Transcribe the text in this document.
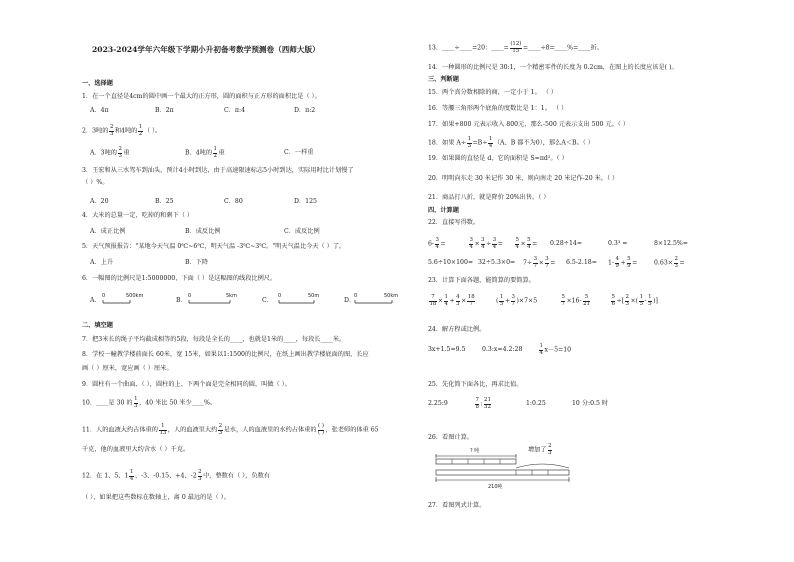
2023-2024学年六年级下学期小升初备考数学预测卷（西师大版）
一、选择题
1．在一个直径是4cm的圆中画一个最大的正方形，圆的面积与正方形的面积比是（ ）。
A．4π	B．2π	C．π:4	D．π:2
2．3吨的 $\frac{2}{3}$ 和4吨的 $\frac{1}{2}$ （ ）。
A．3吨的 $\frac{2}{3}$ 重	B．4吨的 $\frac{1}{2}$ 重	C．一样重
3．王宏和从三水驾车到汕头，预计4小时到达，由于高速限速标志5小时到达，实际用时比计划慢了
（ ）%。
A．20	B．25	C．80	D．125
4．大米的总量一定，吃掉的和剩下（ ）
A．成正比例	B．成反比例	C．成反比例
5．天气预报报告："某地今天气温 0℃~6℃，明天气温 -3℃~3℃。"明天气温比今天（ ）了。
A．上升	B．下降
6．一幅图的比例尺是1:5000000，下面（ ）是这幅图的线段比例尺。
A．	B．	C．	D．
0	500km	0	5km	0	50m	0	50km
二、填空题
7．把3米长的绳子平均截成相等的5段，每段是全长的____，也就是1米的____，每段长____米。
8．学校一幢教学楼前面长 60米，宽 15米，如果以1:1500的比例尺，在纸上画出教学楼底面的图，长应
画（ ）厘米，宽应画（ ）厘米。
9．圆柱有一个曲面、（ ），圆柱的上、下两个面是完全相同的圆，叫做（ ）。
10．____是 30 的 $\frac{1}{3}$ ，40 米比 50 米少____%。
11．人的血液大约占体重的 $\frac{1}{13}$ ，人的血液里大约 $\frac{2}{3}$ 是水，人的血液里的水约占体重的 $\frac{( )}{( )}$ ，张老师的体重 65
千克，他的血液里大约含水（ ）千克。
12．在 1、5、$1 \frac{1}{4}$ 、-3、-0.15、+4、$-2 \frac{2}{3}$ 中，整数有（ ），负数有
（ ），如果把这些数标在数轴上，离 0 最远的是（ ）。
13．____÷____=20：____= $\frac{(12)}{15}$ =____÷8=____%=____折。
14．一种圆形的比例尺是 30:1，一个精密零件的长度为 0.2cm，在图上的长度应该是( )。
三、判断题
15．两个真分数相除的商，一定小于 1。 （ ）
16．等腰三角形两个底角的度数比是 1：1。 （ ）
17．如果+800 元表示收入 800元，那么-500 元表示支出 500 元。（ ）
18．如果 $A\div \frac{1}{3} =B\div \frac{1}{4} (A$、B 都不为0），那么A＜B。（ ）
19．如果圆的直径是 d，它的面积是 S=πd²。（ ）
20．明明向东走 30 米记作 30 米，则向南走 20 米记作-20 米。（ ）
21．商品打八折，就是降价 20%出售。（ ）
四、计算题
22．直接写得数。
$6- \frac{3}{4}$ =	$\frac{3}{4} \times \frac{3}{4} \div \frac{3}{4} = \frac{5}{4} \times \frac{5}{4} = 0.28\div 14=$	0.3³ =	8×12.5%=
$5.6\div 10\times 100= 32\div 5.3\times 0= 7\div \frac{3}{7} \times \frac{3}{7} = 6.5-2.18= 1- \frac{4}{9} + \frac{5}{9}$ =	$0.63\times \frac{2}{3}$ =
23．计算下面各题，能简算的要简算。
$\frac{7}{18} \times \frac{1}{4} + \frac{4}{3} \times \frac{18}{7}$	( $\frac{1}{5} + \frac{3}{7} )\times 7\times 5$	$\frac{5}{7} \times 16- \frac{5}{21}$	$\frac{5}{6}$ ÷[ $\frac{2}{3}$ ×( $\frac{1}{5} - \frac{1}{5}$ )]
24．解方程或比例。
3x+1.5=9.5	0.3:x=4.2:28	$\frac{1}{4} x-5=10$
25．先化简下面各比，再求比值。
2.25:9	$\frac{7}{8}$ : $\frac{21}{32}$	1:0.25	10 分:0.5 时
26．看图计算。
? 吨
210吨
增加了 $\frac{2}{3}$
27．看图列式计算。
